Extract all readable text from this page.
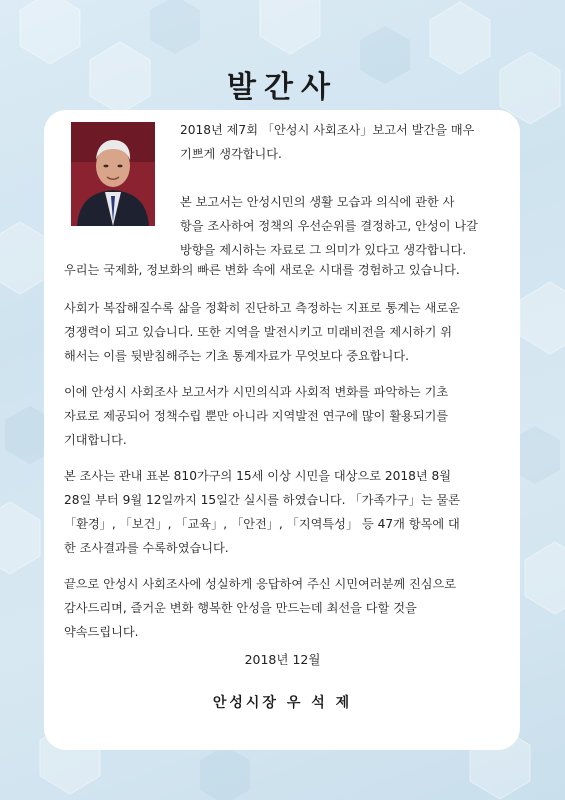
발간사
2018년 제7회 「안성시 사회조사」보고서 발간을 매우
기쁘게 생각합니다.

본 보고서는 안성시민의 생활 모습과 의식에 관한 사
항을 조사하여 정책의 우선순위를 결정하고, 안성이 나갈
방향을 제시하는 자료로 그 의미가 있다고 생각합니다.
우리는 국제화, 정보화의 빠른 변화 속에 새로운 시대를 경험하고 있습니다.
사회가 복잡해질수록 삶을 정확히 진단하고 측정하는 지표로 통계는 새로운
경쟁력이 되고 있습니다. 또한 지역을 발전시키고 미래비전을 제시하기 위
해서는 이를 뒷받침해주는 기초 통계자료가 무엇보다 중요합니다.
이에 안성시 사회조사 보고서가 시민의식과 사회적 변화를 파악하는 기초
자료로 제공되어 정책수립 뿐만 아니라 지역발전 연구에 많이 활용되기를
기대합니다.
본 조사는 관내 표본 810가구의 15세 이상 시민을 대상으로 2018년 8월
28일 부터 9월 12일까지 15일간 실시를 하였습니다. 「가족가구」는 물론
「환경」, 「보건」, 「교육」, 「안전」, 「지역특성」 등 47개 항목에 대
한 조사결과를 수록하였습니다.
끝으로 안성시 사회조사에 성실하게 응답하여 주신 시민여러분께 진심으로
감사드리며, 즐거운 변화 행복한 안성을 만드는데 최선을 다할 것을
약속드립니다.
2018년 12월
안성시장 우 석 제
